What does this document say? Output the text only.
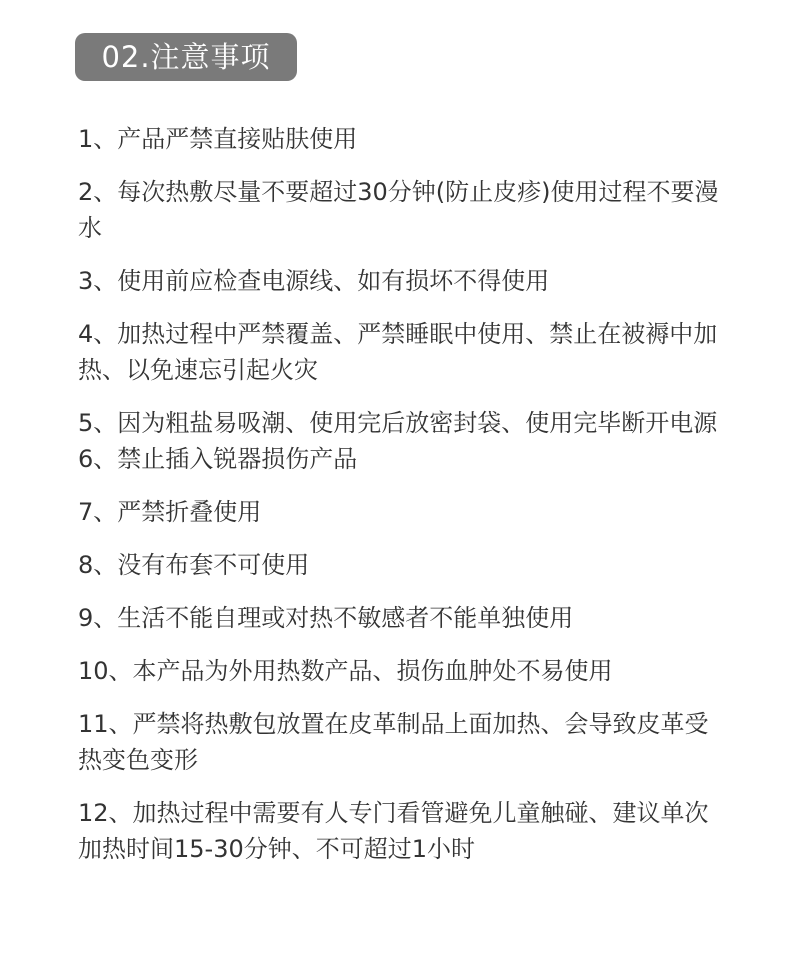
02.注意事项
1、产品严禁直接贴肤使用
2、每次热敷尽量不要超过30分钟(防止皮疹)使用过程不要漫水
3、使用前应检查电源线、如有损坏不得使用
4、加热过程中严禁覆盖、严禁睡眠中使用、禁止在被褥中加热、以免速忘引起火灾
5、因为粗盐易吸潮、使用完后放密封袋、使用完毕断开电源6、禁止插入锐器损伤产品
7、严禁折叠使用
8、没有布套不可使用
9、生活不能自理或对热不敏感者不能单独使用
10、本产品为外用热数产品、损伤血肿处不易使用
11、严禁将热敷包放置在皮革制品上面加热、会导致皮革受热变色变形
12、加热过程中需要有人专门看管避免儿童触碰、建议单次加热时间15-30分钟、不可超过1小时
